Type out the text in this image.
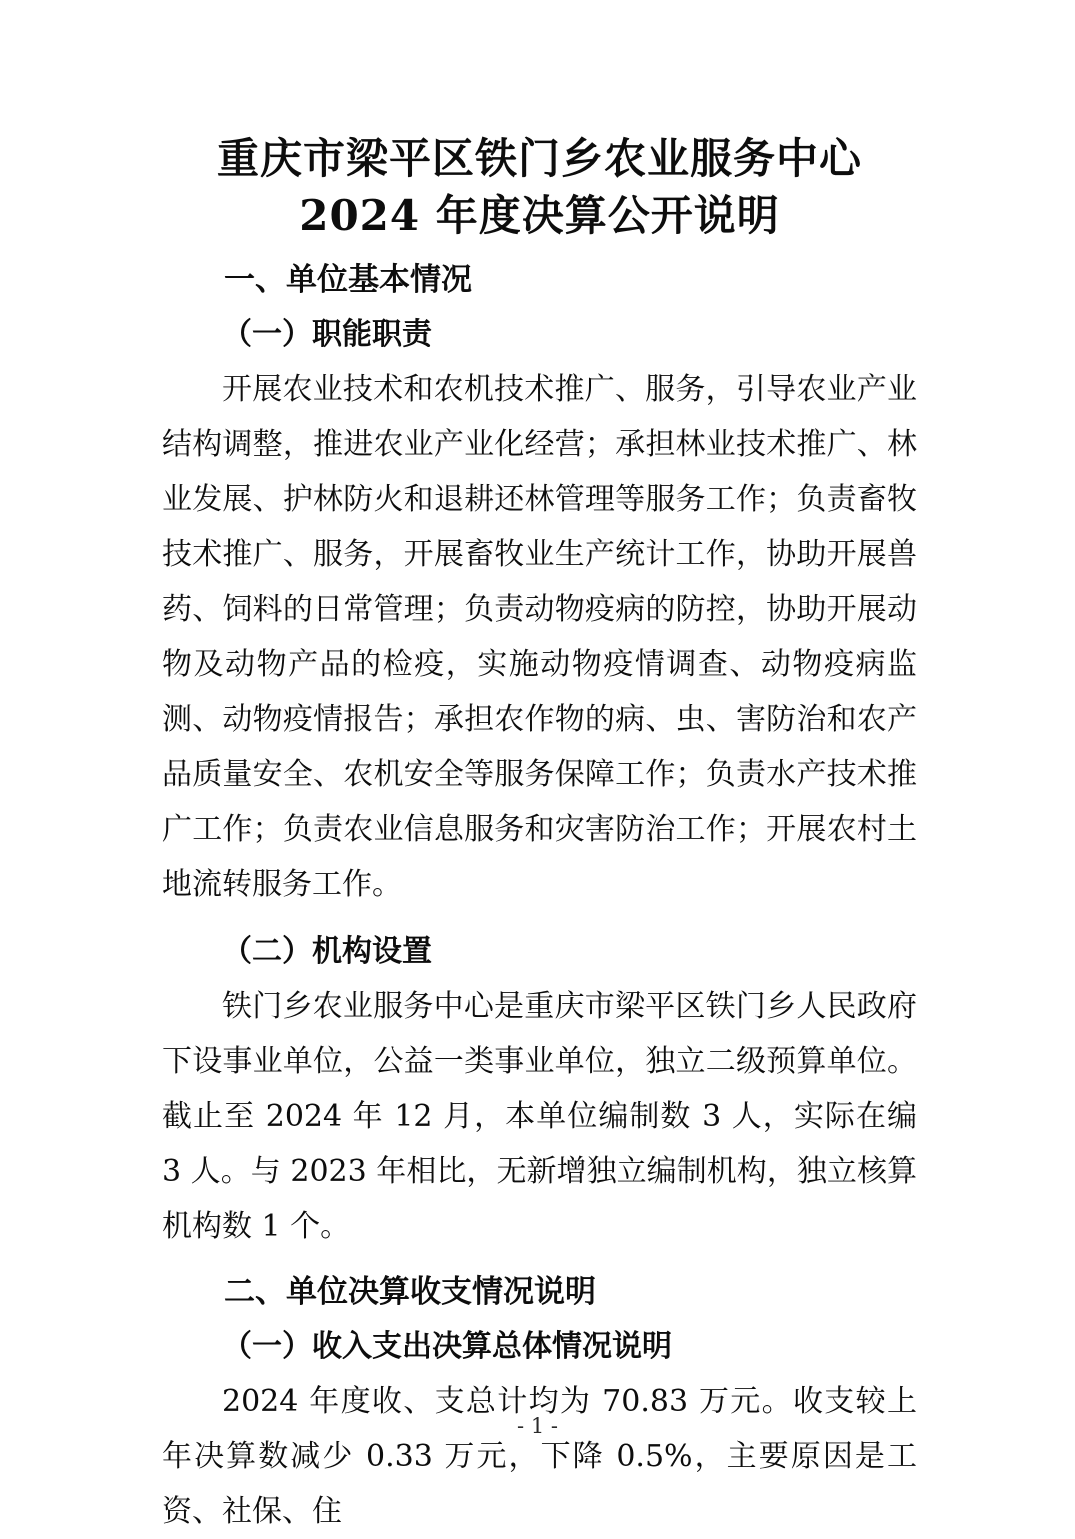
重庆市梁平区铁门乡农业服务中心
2024 年度决算公开说明
一、单位基本情况
（一）职能职责

开展农业技术和农机技术推广、服务，引导农业产业结构调整，推进农业产业化经营；承担林业技术推广、林业发展、护林防火和退耕还林管理等服务工作；负责畜牧技术推广、服务，开展畜牧业生产统计工作，协助开展兽药、饲料的日常管理；负责动物疫病的防控，协助开展动物及动物产品的检疫，实施动物疫情调查、动物疫病监测、动物疫情报告；承担农作物的病、虫、害防治和农产品质量安全、农机安全等服务保障工作；负责水产技术推广工作；负责农业信息服务和灾害防治工作；开展农村土地流转服务工作。

（二）机构设置

铁门乡农业服务中心是重庆市梁平区铁门乡人民政府下设事业单位，公益一类事业单位，独立二级预算单位。截止至 2024 年 12 月，本单位编制数 3 人，实际在编 3 人。与 2023 年相比，无新增独立编制机构，独立核算机构数 1 个。

二、单位决算收支情况说明
（一）收入支出决算总体情况说明

2024 年度收、支总计均为 70.83 万元。收支较上年决算数减少 0.33 万元，下降 0.5%，主要原因是工资、社保、住

- 1 -
